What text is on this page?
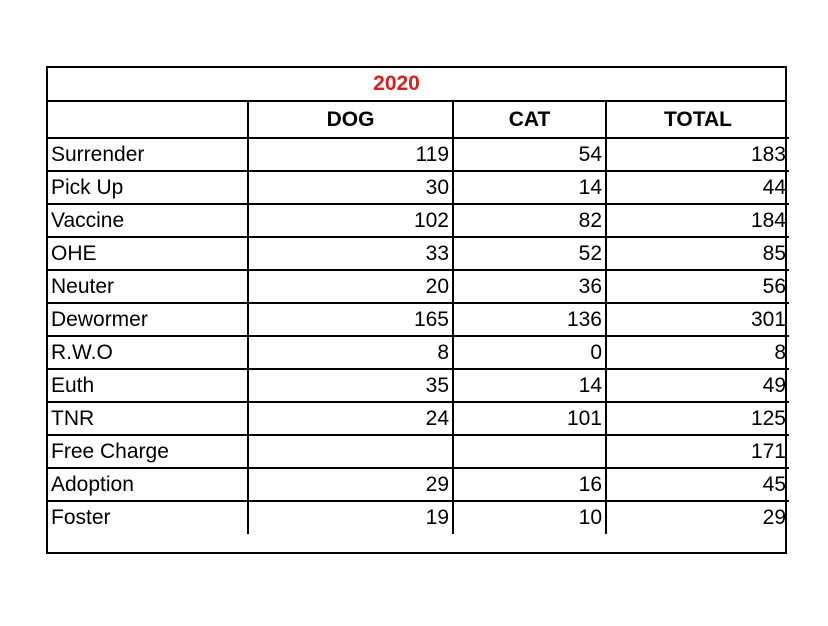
2020
	DOG	CAT	TOTAL
Surrender	119	54	183
Pick Up	30	14	44
Vaccine	102	82	184
OHE	33	52	85
Neuter	20	36	56
Dewormer	165	136	301
R.W.O	8	0	8
Euth	35	14	49
TNR	24	101	125
Free Charge			171
Adoption	29	16	45
Foster	19	10	29
